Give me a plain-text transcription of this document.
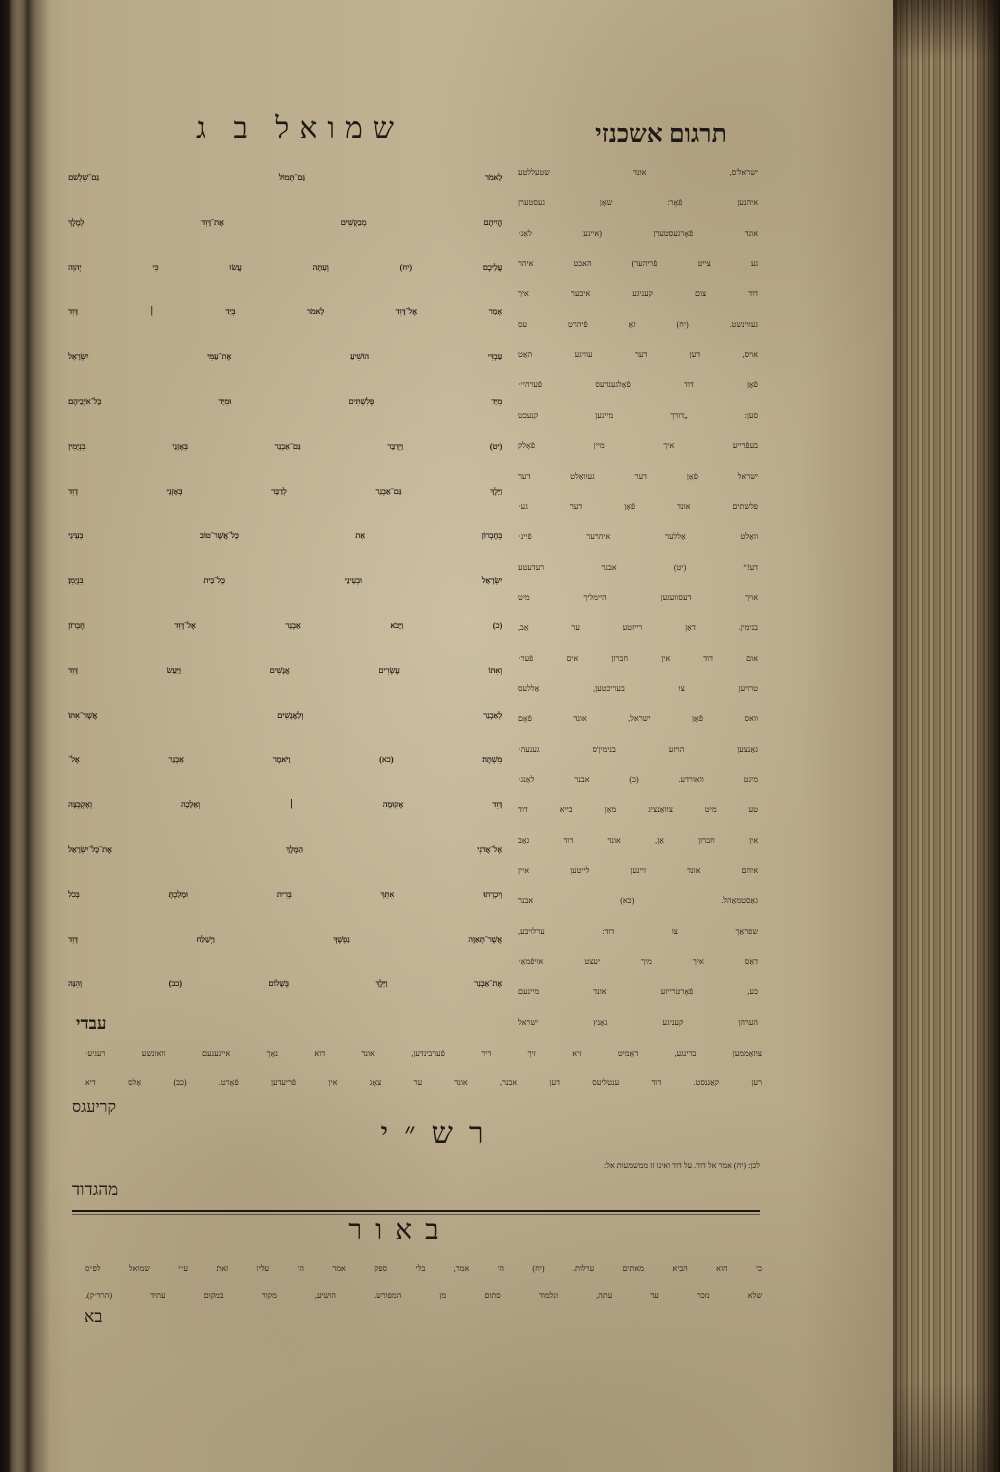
שמואל ב ג	תרגום אשכנזי
לֵאמֹר גַּם־תְּמוֹל גַּם־שִׁלְשֹׁם
הֱיִיתֶם מְבַקְשִׁים אֶת־דָּוִד לְמֶלֶךְ
עֲלֵיכֶם׃ (יח) וְעַתָּה עֲשׂוּ כִּי יְהוָה
אָמַר אֶל־דָּוִד לֵאמֹר בְּיַד ׀ דָּוִד
עַבְדִּי הוֹשִׁיעַ אֶת־עַמִּי יִשְׂרָאֵל
מִיַּד פְּלִשְׁתִּים וּמִיַּד כָּל־אֹיְבֵיהֶם׃
(יט) וַיְדַבֵּר גַּם־אַבְנֵר בְּאָזְנֵי בִנְיָמִין
וַיֵּלֶךְ גַּם־אַבְנֵר לְדַבֵּר בְּאָזְנֵי דָוִד
בְּחֶבְרוֹן אֵת כָּל־אֲשֶׁר־טוֹב בְּעֵינֵי
יִשְׂרָאֵל וּבְעֵינֵי כָּל־בֵּית בִּנְיָמִן׃
(כ) וַיָּבֹא אַבְנֵר אֶל־דָּוִד חֶבְרוֹן
וְאִתּוֹ עֶשְׂרִים אֲנָשִׁים וַיַּעַשׂ דָּוִד
לְאַבְנֵר וְלַאֲנָשִׁים אֲשֶׁר־אִתּוֹ
מִשְׁתֶּה׃ (כא) וַיֹּאמֶר אַבְנֵר אֶל־
דָּוִד אָקוּמָה ׀ וְאֵלֵכָה וְאֶקְבְּצָה
אֶל־אֲדֹנִי הַמֶּלֶךְ אֶת־כָּל־יִשְׂרָאֵל
וְיִכְרְתוּ אִתְּךָ בְּרִית וּמָלַכְתָּ בְּכֹל
אֲשֶׁר־תְּאַוֶּה נַפְשֶׁךָ וַיְשַׁלַּח דָּוִד
אֶת־אַבְנֵר וַיֵּלֶךְ בְּשָׁלוֹם׃ (כב) וְהִנֵּה
עבדי
ישראל'ס, אונד שטעללטע
איהנען פֿאָר: שאָן געסטערן
אונד פֿאָרגעסטערן (איינע לאַנ·
גע צייט פֿריהער) האבט איהר
דוד צום קעניגע איבער איך
געווינשט. (יח) זאָ פֿיהרט עס
אויס, דען דער עוויגע האַט
פֿאָן דוד פֿאָלגענדעס פֿערהיי·
סען: „דורך מיינען קנעכט
בעפֿרייע איך מיין פֿאָלק
ישראל פֿאָן דער געוואַלט דער
פלשתים אונד פֿאָן דער גע·
וואַלט אַללער איהרער פֿיינ·
דע!“ (יט) אבנר רעדעטע
אויך דעסוועגען היימליך מיט
בנימין. דאַן רייזטע ער אַב,
אום דוד אין חברון אים פֿער·
טרויען צו בעריכטען, אַללעס
וואס פֿאָן ישראל, אונד פֿאָם
גאַנצען הויזע בנימין'ס גענעה·
מיגט וואורדע. (כ) אבנר לאַנג·
טע מיט צוואַנציג מאַן בייא דוד
אין חברון אַן, אונד דוד גאַב
איהם אונד זיינען לייטען איין
גאַסטמאַהל. (כא) אבנר
שפראַך צו דוד: ערלויבע,
דאַס איך מיך יעצט אויפֿמאַ·
כע, פֿאָרטרייזע אונד מיינעם
הערהן קעניגע גאַנץ ישראל
צוזאַממען ברינגע, דאַמיט זיא זיך דיר פֿערבינדען, אונד דוא נאָך אייגענעם וואונשע רעגיע·
רען קאַננסט. דוד ענטליעס דען אבנר, אונד ער צאָג אין פֿריעדען פֿאָרט. (כב) אַלס דיא
קריעגס
רש״י
לכן: (יח) אמר אל דוד. על דוד ואינו זז ממשמעות אל:
מהגדוד
באור
כי הוא הביא מאתים ערלות. (יח) ה׳ אמר, בלי ספק אמר ה׳ עליו זאת ע״י שמואל לפ״ס
שלא נזכר עד עתה, ונלמוד סתום מן המפורש. הושיע, מקור במקום עתיד (הרד״ק).
בא
